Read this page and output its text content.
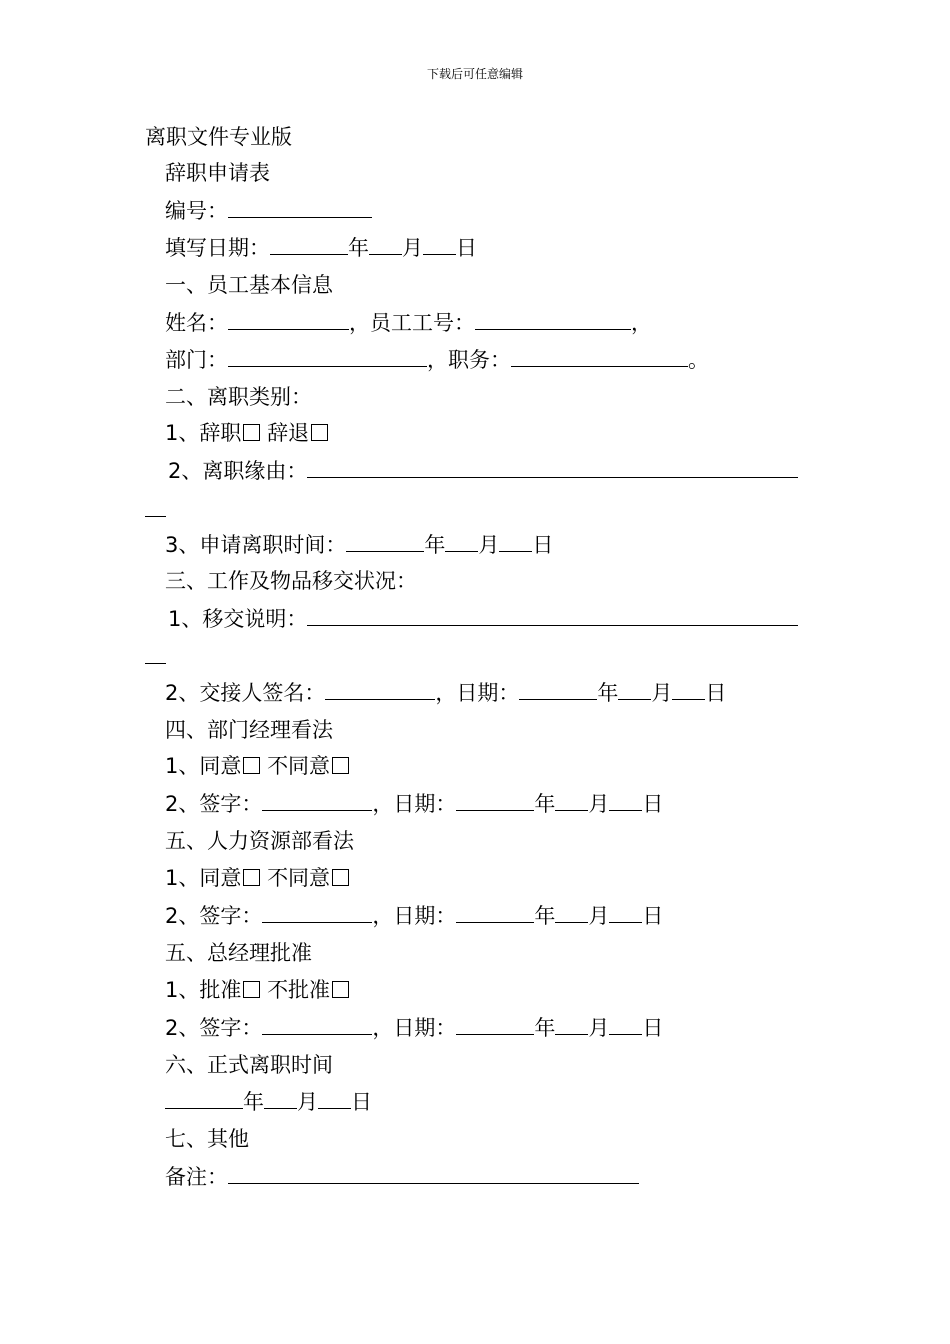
下载后可任意编辑
离职文件专业版
辞职申请表
编号：
填写日期：	年 月 日
一、员工基本信息
姓名：	，员工工号：	，
部门：	，职务：	。
二、离职类别：
1、辞职 辞退
2、离职缘由：
3、申请离职时间：	年 月 日
三、工作及物品移交状况：
1、移交说明：
2、交接人签名：	，日期：	年 月 日
四、部门经理看法
1、同意 不同意
2、签字：	，日期：	年 月 日
五、人力资源部看法
1、同意 不同意
2、签字：	，日期：	年 月 日
五、总经理批准
1、批准 不批准
2、签字：	，日期：	年 月 日
六、正式离职时间
年 月 日
七、其他
备注：
